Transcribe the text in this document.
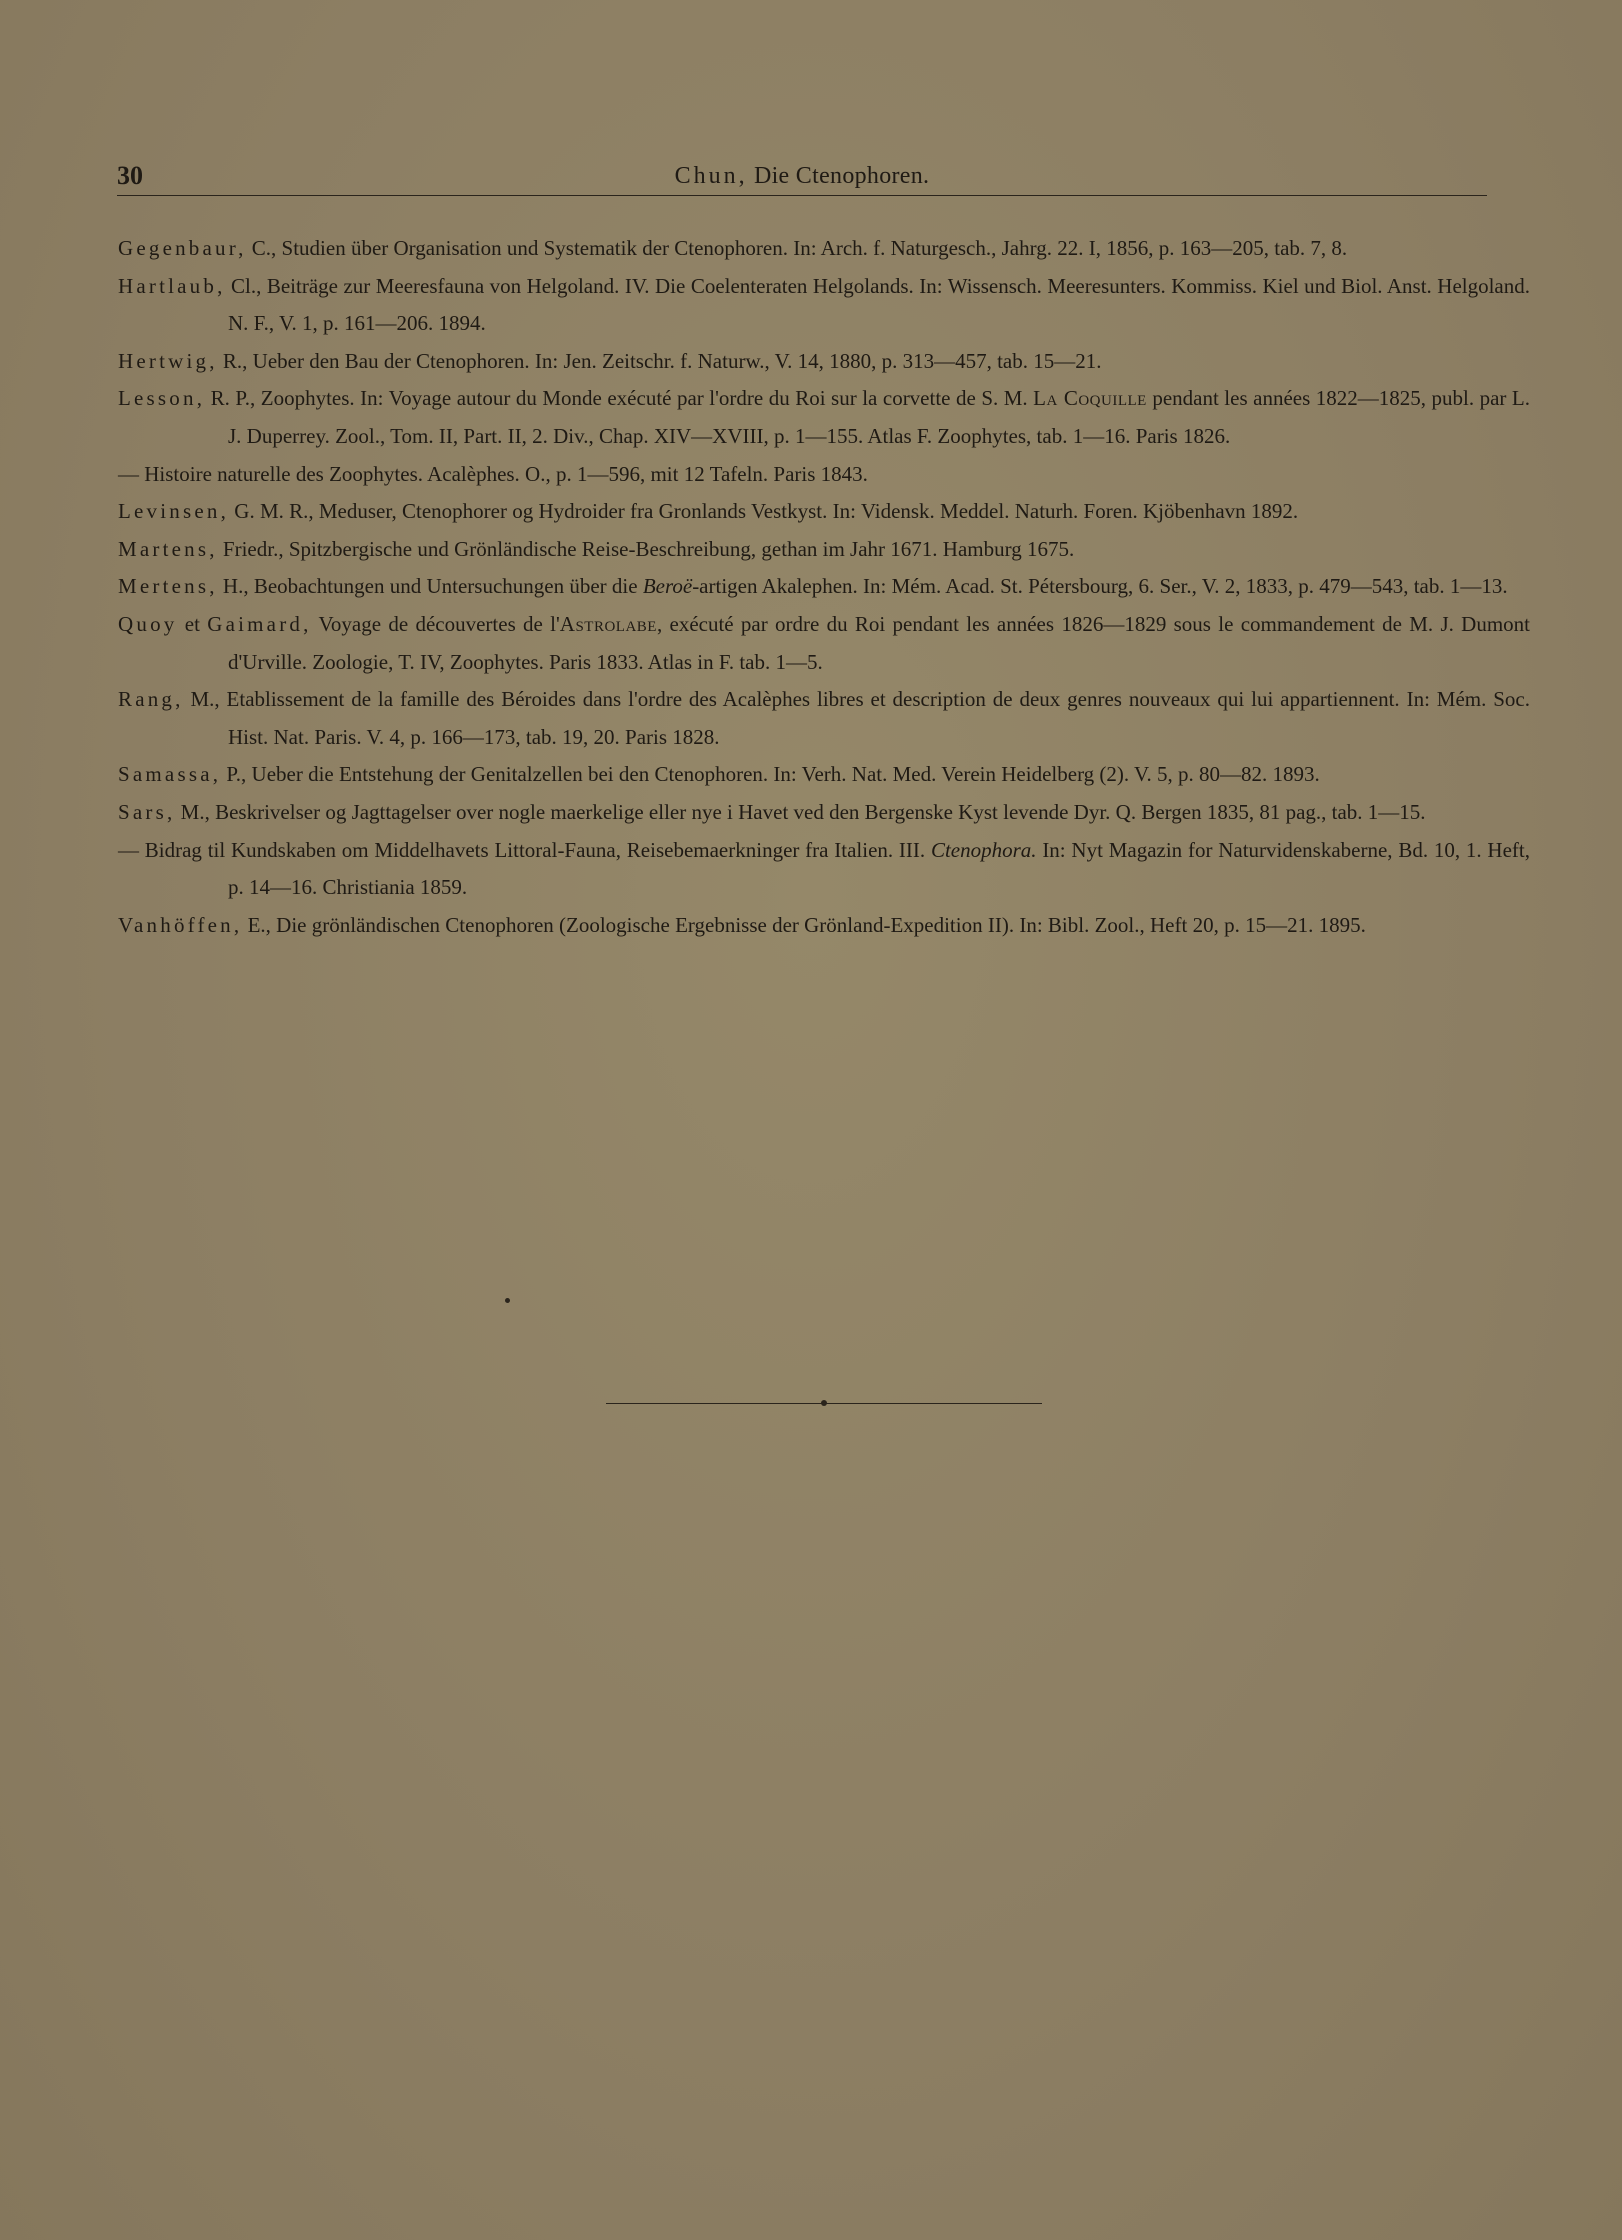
30	Chun, Die Ctenophoren.

Gegenbaur, C., Studien über Organisation und Systematik der Ctenophoren. In: Arch. f. Naturgesch., Jahrg. 22. I, 1856, p. 163—205, tab. 7, 8.

Hartlaub, Cl., Beiträge zur Meeresfauna von Helgoland. IV. Die Coelenteraten Helgolands. In: Wissensch. Meeresunters. Kommiss. Kiel und Biol. Anst. Helgoland. N. F., V. 1, p. 161—206. 1894.

Hertwig, R., Ueber den Bau der Ctenophoren. In: Jen. Zeitschr. f. Naturw., V. 14, 1880, p. 313—457, tab. 15—21.

Lesson, R. P., Zoophytes. In: Voyage autour du Monde exécuté par l'ordre du Roi sur la corvette de S. M. La Coquille pendant les années 1822—1825, publ. par L. J. Duperrey. Zool., Tom. II, Part. II, 2. Div., Chap. XIV—XVIII, p. 1—155. Atlas F. Zoophytes, tab. 1—16. Paris 1826.

— Histoire naturelle des Zoophytes. Acalèphes. O., p. 1—596, mit 12 Tafeln. Paris 1843.

Levinsen, G. M. R., Meduser, Ctenophorer og Hydroider fra Gronlands Vestkyst. In: Vidensk. Meddel. Naturh. Foren. Kjöbenhavn 1892.

Martens, Friedr., Spitzbergische und Grönländische Reise-Beschreibung, gethan im Jahr 1671. Hamburg 1675.

Mertens, H., Beobachtungen und Untersuchungen über die Beroë-artigen Akalephen. In: Mém. Acad. St. Pétersbourg, 6. Ser., V. 2, 1833, p. 479—543, tab. 1—13.

Quoy et Gaimard, Voyage de découvertes de l'Astrolabe, exécuté par ordre du Roi pendant les années 1826—1829 sous le commandement de M. J. Dumont d'Urville. Zoologie, T. IV, Zoophytes. Paris 1833. Atlas in F. tab. 1—5.

Rang, M., Etablissement de la famille des Béroides dans l'ordre des Acalèphes libres et description de deux genres nouveaux qui lui appartiennent. In: Mém. Soc. Hist. Nat. Paris. V. 4, p. 166—173, tab. 19, 20. Paris 1828.

Samassa, P., Ueber die Entstehung der Genitalzellen bei den Ctenophoren. In: Verh. Nat. Med. Verein Heidelberg (2). V. 5, p. 80—82. 1893.

Sars, M., Beskrivelser og Jagttagelser over nogle maerkelige eller nye i Havet ved den Bergenske Kyst levende Dyr. Q. Bergen 1835, 81 pag., tab. 1—15.

— Bidrag til Kundskaben om Middelhavets Littoral-Fauna, Reisebemaerkninger fra Italien. III. Ctenophora. In: Nyt Magazin for Naturvidenskaberne, Bd. 10, 1. Heft, p. 14—16. Christiania 1859.

Vanhöffen, E., Die grönländischen Ctenophoren (Zoologische Ergebnisse der Grönland-Expedition II). In: Bibl. Zool., Heft 20, p. 15—21. 1895.
